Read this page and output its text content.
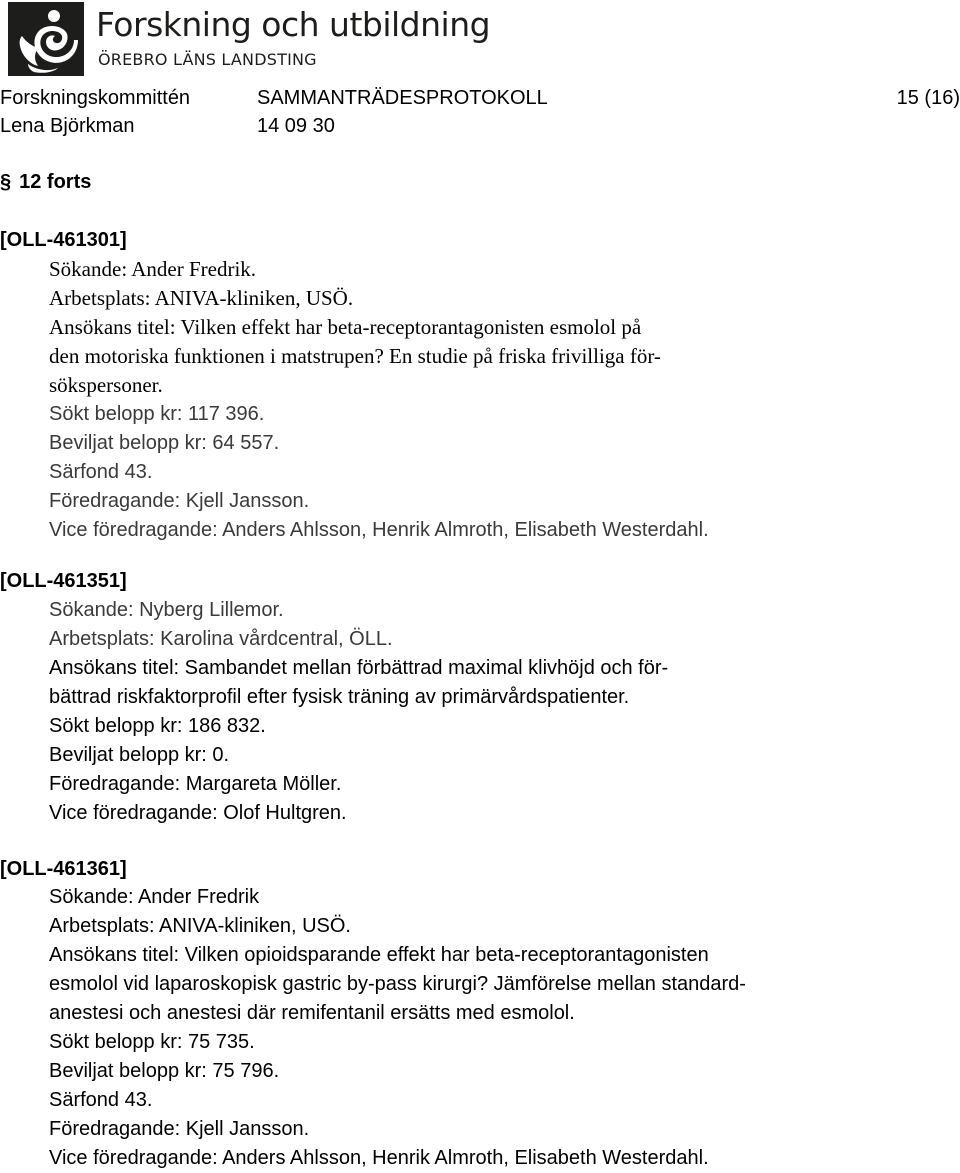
Forskning och utbildning
ÖREBRO LÄNS LANDSTING
Forskningskommittén	SAMMANTRÄDESPROTOKOLL	15 (16)
Lena Björkman	14 09 30
§ 12 forts
[OLL-461301]
Sökande: Ander Fredrik.
Arbetsplats: ANIVA-kliniken, USÖ.
Ansökans titel: Vilken effekt har beta-receptorantagonisten esmolol på
den motoriska funktionen i matstrupen? En studie på friska frivilliga för-
sökspersoner.
Sökt belopp kr: 117 396.
Beviljat belopp kr: 64 557.
Särfond 43.
Föredragande: Kjell Jansson.
Vice föredragande: Anders Ahlsson, Henrik Almroth, Elisabeth Westerdahl.
[OLL-461351]
Sökande: Nyberg Lillemor.
Arbetsplats: Karolina vårdcentral, ÖLL.
Ansökans titel: Sambandet mellan förbättrad maximal klivhöjd och för-
bättrad riskfaktorprofil efter fysisk träning av primärvårdspatienter.
Sökt belopp kr: 186 832.
Beviljat belopp kr: 0.
Föredragande: Margareta Möller.
Vice föredragande: Olof Hultgren.
[OLL-461361]
Sökande: Ander Fredrik
Arbetsplats: ANIVA-kliniken, USÖ.
Ansökans titel: Vilken opioidsparande effekt har beta-receptorantagonisten
esmolol vid laparoskopisk gastric by-pass kirurgi? Jämförelse mellan standard-
anestesi och anestesi där remifentanil ersätts med esmolol.
Sökt belopp kr: 75 735.
Beviljat belopp kr: 75 796.
Särfond 43.
Föredragande: Kjell Jansson.
Vice föredragande: Anders Ahlsson, Henrik Almroth, Elisabeth Westerdahl.
